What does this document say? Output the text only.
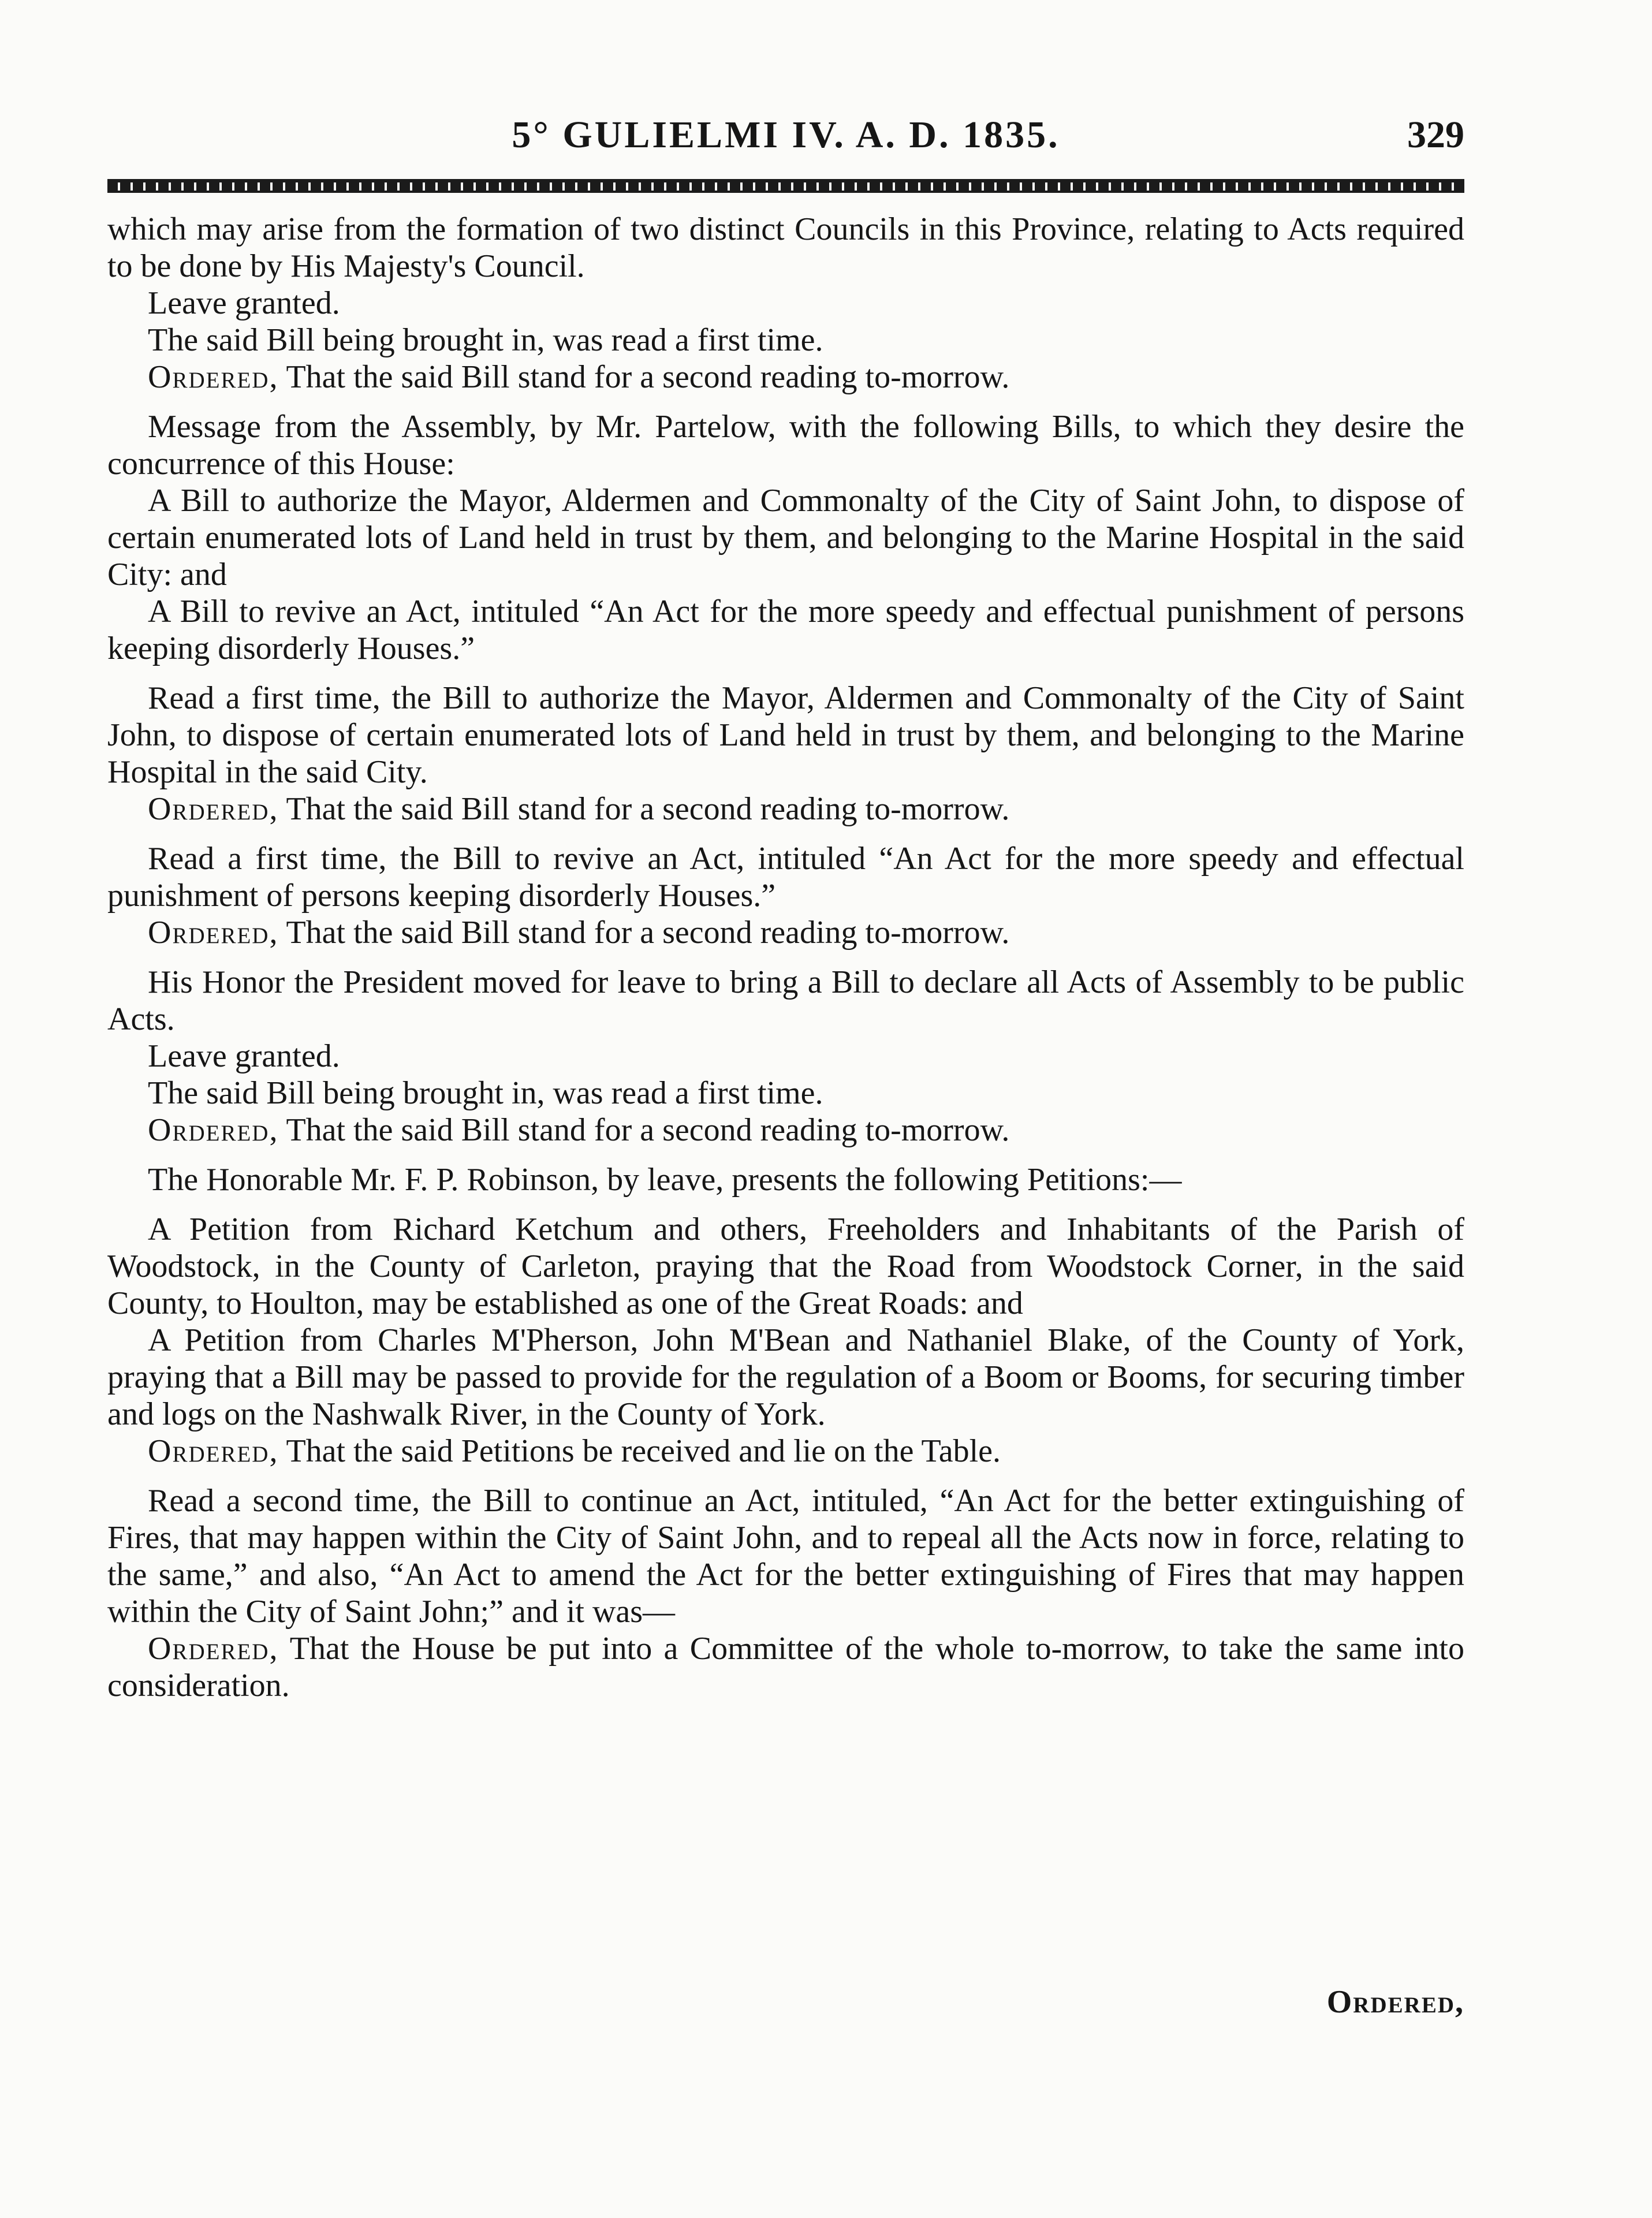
5° GULIELMI IV. A. D. 1835.	329

which may arise from the formation of two distinct Councils in this Province, relating to Acts required to be done by His Majesty's Council.

Leave granted.

The said Bill being brought in, was read a first time.

Ordered, That the said Bill stand for a second reading to-morrow.

Message from the Assembly, by Mr. Partelow, with the following Bills, to which they desire the concurrence of this House:

A Bill to authorize the Mayor, Aldermen and Commonalty of the City of Saint John, to dispose of certain enumerated lots of Land held in trust by them, and belonging to the Marine Hospital in the said City: and

A Bill to revive an Act, intituled “An Act for the more speedy and effectual punishment of persons keeping disorderly Houses.”

Read a first time, the Bill to authorize the Mayor, Aldermen and Commonalty of the City of Saint John, to dispose of certain enumerated lots of Land held in trust by them, and belonging to the Marine Hospital in the said City.

Ordered, That the said Bill stand for a second reading to-morrow.

Read a first time, the Bill to revive an Act, intituled “An Act for the more speedy and effectual punishment of persons keeping disorderly Houses.”

Ordered, That the said Bill stand for a second reading to-morrow.

His Honor the President moved for leave to bring a Bill to declare all Acts of Assembly to be public Acts.

Leave granted.

The said Bill being brought in, was read a first time.

Ordered, That the said Bill stand for a second reading to-morrow.

The Honorable Mr. F. P. Robinson, by leave, presents the following Petitions:—

A Petition from Richard Ketchum and others, Freeholders and Inhabitants of the Parish of Woodstock, in the County of Carleton, praying that the Road from Woodstock Corner, in the said County, to Houlton, may be established as one of the Great Roads: and

A Petition from Charles M'Pherson, John M'Bean and Nathaniel Blake, of the County of York, praying that a Bill may be passed to provide for the regulation of a Boom or Booms, for securing timber and logs on the Nashwalk River, in the County of York.

Ordered, That the said Petitions be received and lie on the Table.

Read a second time, the Bill to continue an Act, intituled, “An Act for the better extinguishing of Fires, that may happen within the City of Saint John, and to repeal all the Acts now in force, relating to the same,” and also, “An Act to amend the Act for the better extinguishing of Fires that may happen within the City of Saint John;” and it was—

Ordered, That the House be put into a Committee of the whole to-morrow, to take the same into consideration.

Ordered,
